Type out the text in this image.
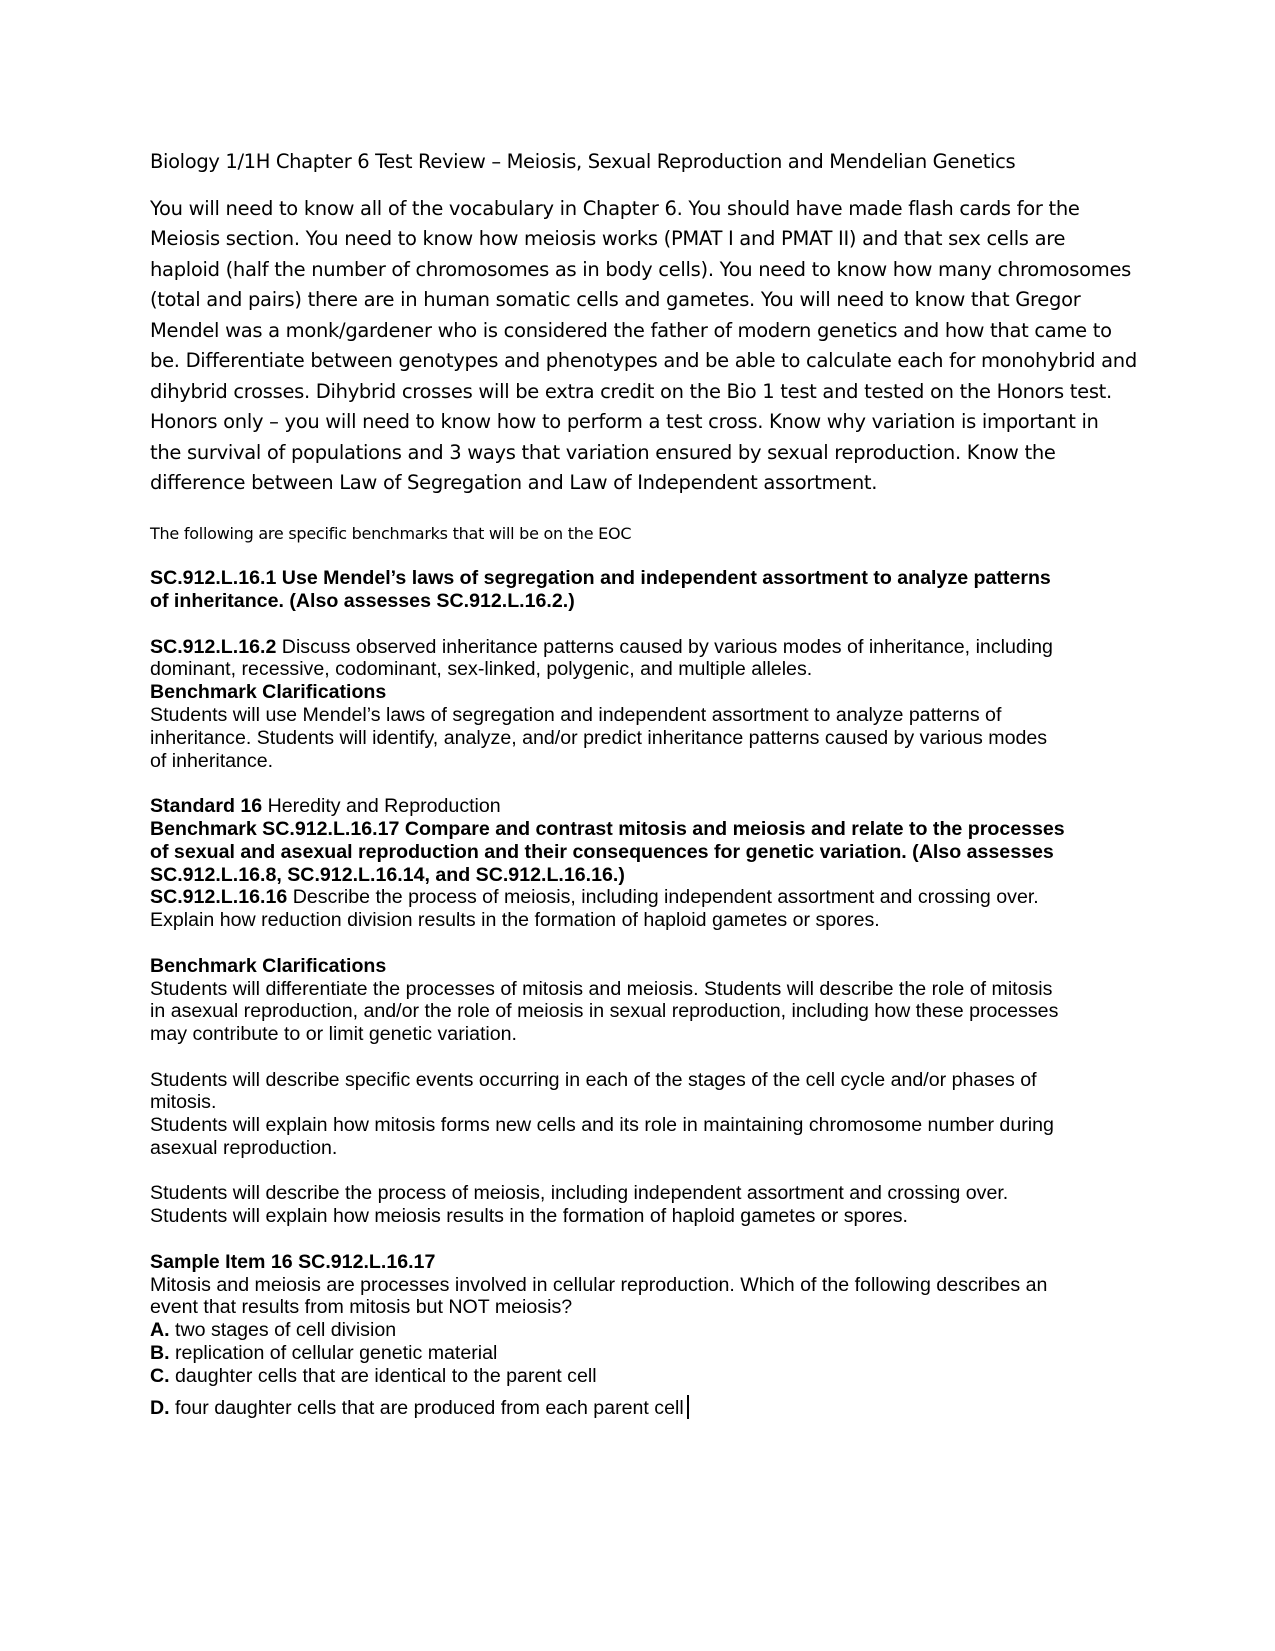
Biology 1/1H Chapter 6 Test Review – Meiosis, Sexual Reproduction and Mendelian Genetics

You will need to know all of the vocabulary in Chapter 6. You should have made flash cards for the

Meiosis section. You need to know how meiosis works (PMAT I and PMAT II) and that sex cells are

haploid (half the number of chromosomes as in body cells). You need to know how many chromosomes

(total and pairs) there are in human somatic cells and gametes. You will need to know that Gregor

Mendel was a monk/gardener who is considered the father of modern genetics and how that came to

be. Differentiate between genotypes and phenotypes and be able to calculate each for monohybrid and

dihybrid crosses. Dihybrid crosses will be extra credit on the Bio 1 test and tested on the Honors test.

Honors only – you will need to know how to perform a test cross. Know why variation is important in

the survival of populations and 3 ways that variation ensured by sexual reproduction. Know the

difference between Law of Segregation and Law of Independent assortment.

The following are specific benchmarks that will be on the EOC

SC.912.L.16.1 Use Mendel’s laws of segregation and independent assortment to analyze patterns

of inheritance. (Also assesses SC.912.L.16.2.)

SC.912.L.16.2 Discuss observed inheritance patterns caused by various modes of inheritance, including

dominant, recessive, codominant, sex-linked, polygenic, and multiple alleles.

Benchmark Clarifications

Students will use Mendel’s laws of segregation and independent assortment to analyze patterns of

inheritance. Students will identify, analyze, and/or predict inheritance patterns caused by various modes

of inheritance.

Standard 16 Heredity and Reproduction

Benchmark SC.912.L.16.17 Compare and contrast mitosis and meiosis and relate to the processes

of sexual and asexual reproduction and their consequences for genetic variation. (Also assesses

SC.912.L.16.8, SC.912.L.16.14, and SC.912.L.16.16.)

SC.912.L.16.16 Describe the process of meiosis, including independent assortment and crossing over.

Explain how reduction division results in the formation of haploid gametes or spores.

Benchmark Clarifications

Students will differentiate the processes of mitosis and meiosis. Students will describe the role of mitosis

in asexual reproduction, and/or the role of meiosis in sexual reproduction, including how these processes

may contribute to or limit genetic variation.

Students will describe specific events occurring in each of the stages of the cell cycle and/or phases of

mitosis.

Students will explain how mitosis forms new cells and its role in maintaining chromosome number during

asexual reproduction.

Students will describe the process of meiosis, including independent assortment and crossing over.

Students will explain how meiosis results in the formation of haploid gametes or spores.

Sample Item 16 SC.912.L.16.17

Mitosis and meiosis are processes involved in cellular reproduction. Which of the following describes an

event that results from mitosis but NOT meiosis?

A. two stages of cell division

B. replication of cellular genetic material

C. daughter cells that are identical to the parent cell

D. four daughter cells that are produced from each parent cell
